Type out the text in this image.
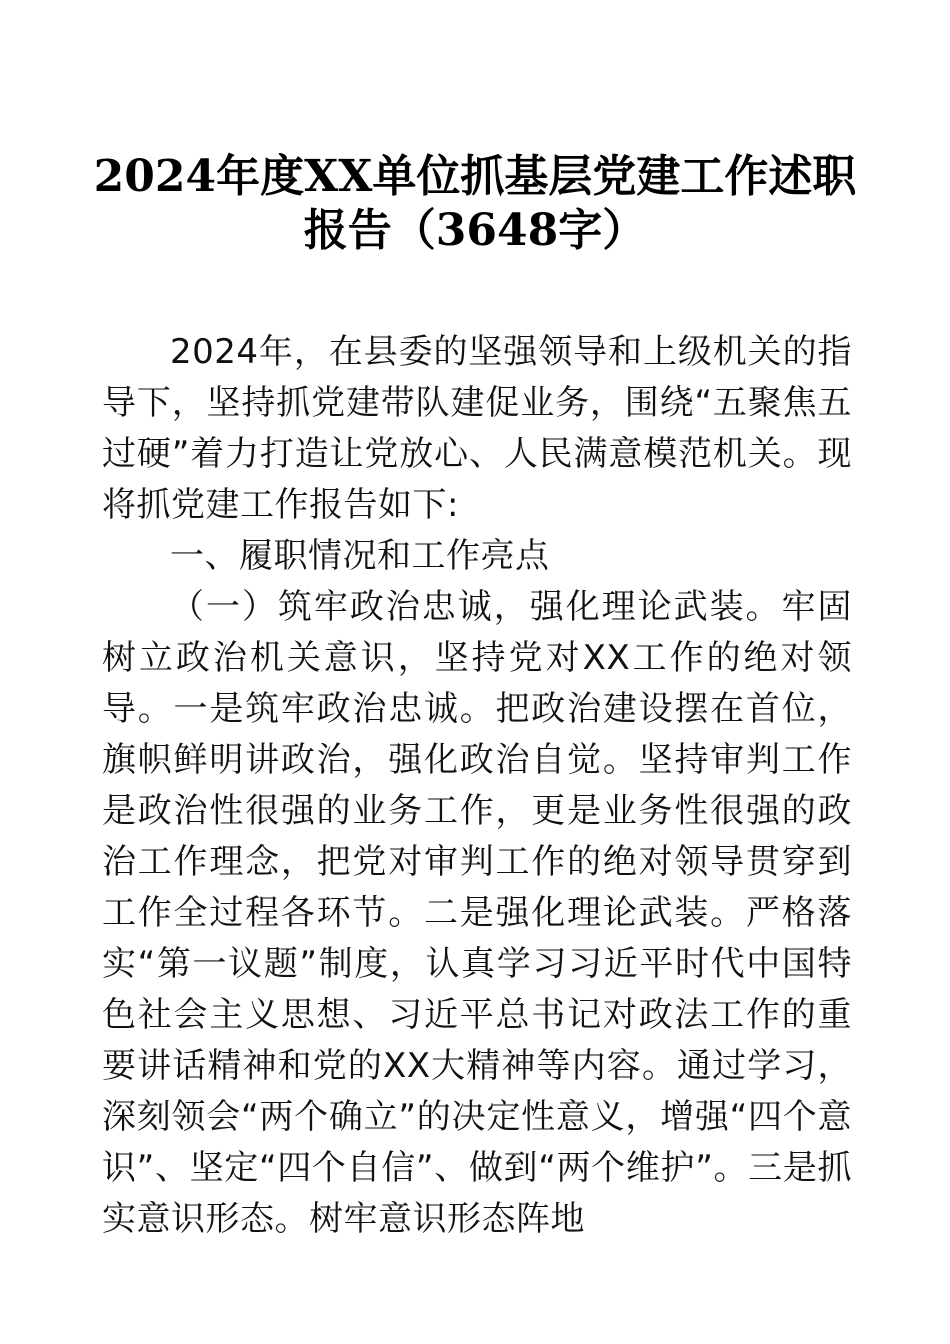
2024年度XX单位抓基层党建工作述职报告（3648字）

2024年，在县委的坚强领导和上级机关的指导下，坚持抓党建带队建促业务，围绕“五聚焦五过硬”着力打造让党放心、人民满意模范机关。现将抓党建工作报告如下:

一、履职情况和工作亮点

（一）筑牢政治忠诚，强化理论武装。牢固树立政治机关意识，坚持党对XX工作的绝对领导。一是筑牢政治忠诚。把政治建设摆在首位，旗帜鲜明讲政治，强化政治自觉。坚持审判工作是政治性很强的业务工作，更是业务性很强的政治工作理念，把党对审判工作的绝对领导贯穿到工作全过程各环节。二是强化理论武装。严格落实“第一议题”制度，认真学习习近平时代中国特色社会主义思想、习近平总书记对政法工作的重要讲话精神和党的XX大精神等内容。通过学习，深刻领会“两个确立”的决定性意义，增强“四个意识”、坚定“四个自信”、做到“两个维护”。三是抓实意识形态。树牢意识形态阵地
